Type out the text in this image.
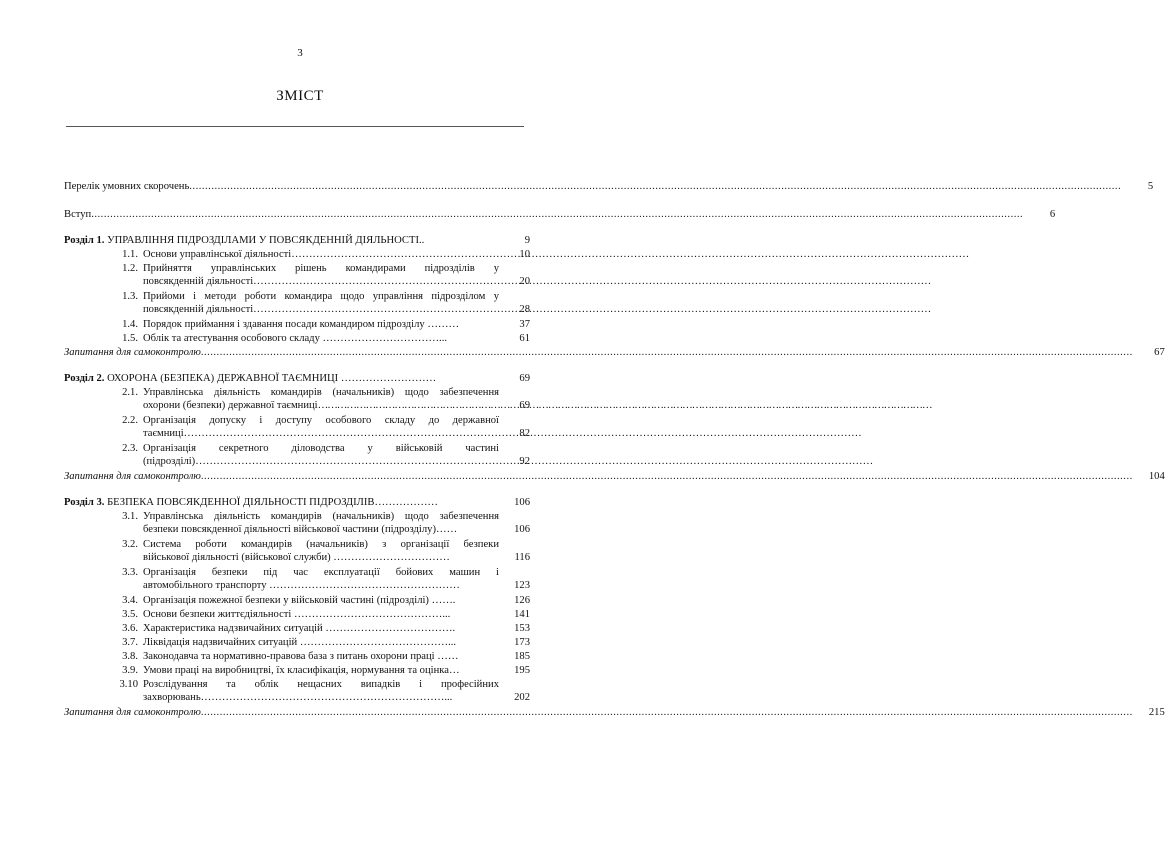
3
ЗМІСТ
Перелік умовних скорочень .....	5
Вступ .....	6
Розділ 1. УПРАВЛІННЯ ПІДРОЗДІЛАМИ У ПОВСЯКДЕННІЙ ДІЯЛЬНОСТІ..	9
1.1. Основи управлінської діяльності …………………………………………………………………………………………………………………………………………………………………………	10
1.2. Прийняття управлінських рішень командирами підрозділів у
повсякденній діяльності …………………………………………………………………………………………………………………………………………………………………………	20
1.3. Прийоми і методи роботи командира щодо управління підрозділом у
повсякденній діяльності …………………………………………………………………………………………………………………………………………………………………………	28
1.4. Порядок приймання і здавання посади командиром підрозділу ………	37
1.5. Облік та атестування особового складу ……………………………...	61
Запитання для самоконтролю .....	67
Розділ 2. ОХОРОНА (БЕЗПЕКА) ДЕРЖАВНОЇ ТАЄМНИЦІ ………………………	69
2.1. Управлінська діяльність командирів (начальників) щодо забезпечення
охорони (безпеки) державної таємниці …………………………………………………………………………………………………………………………………………………………………………	69
2.2. Організація допуску і доступу особового складу до державної
таємниці …………………………………………………………………………………………………………………………………………………………………………	82
2.3. Організація секретного діловодства у військовій частині
(підрозділі) …………………………………………………………………………………………………………………………………………………………………………	92
Запитання для самоконтролю .....	104
Розділ 3. БЕЗПЕКА ПОВСЯКДЕННОЇ ДІЯЛЬНОСТІ ПІДРОЗДІЛІВ………………	106
3.1. Управлінська діяльність командирів (начальників) щодо забезпечення
безпеки повсякденної діяльності військової частини (підрозділу)……	106
3.2. Система роботи командирів (начальників) з організації безпеки
військової діяльності (військової служби) ……………………………	116
3.3. Організація безпеки під час експлуатації бойових машин і
автомобільного транспорту ………………………………………………	123
3.4. Організація пожежної безпеки у військовій частині (підрозділі) …….	126
3.5. Основи безпеки життєдіяльності ……………………………………...	141
3.6. Характеристика надзвичайних ситуацій ……………………………….	153
3.7. Ліквідація надзвичайних ситуацій ……………………………………...	173
3.8. Законодавча та нормативно-правова база з питань охорони праці ……	185
3.9. Умови праці на виробництві, їх класифікація, нормування та оцінка…	195
3.10 Розслідування та облік нещасних випадків і професійних
захворювань……………………………………………………………...	202
Запитання для самоконтролю .....	215
